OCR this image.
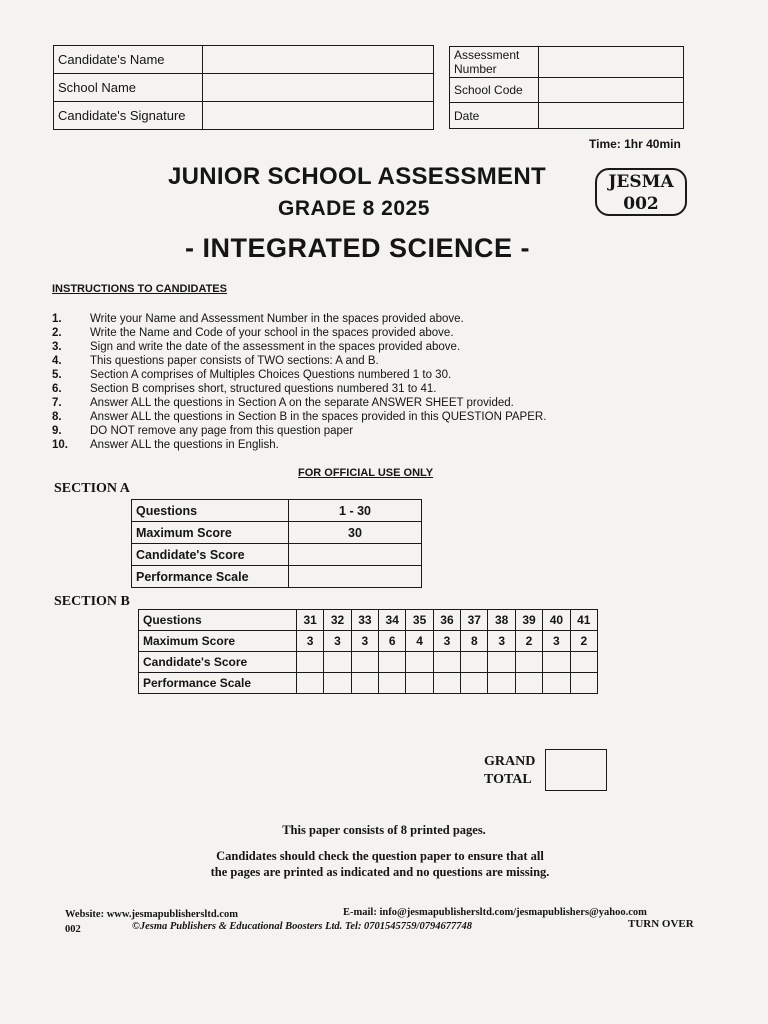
Candidate's Name	
School Name	
Candidate's Signature	
Assessment Number	
School Code	
Date	
Time: 1hr 40min
JUNIOR SCHOOL ASSESSMENT
GRADE 8 2025
JESMA
002
- INTEGRATED SCIENCE -
INSTRUCTIONS TO CANDIDATES
1.	Write your Name and Assessment Number in the spaces provided above.
2.	Write the Name and Code of your school in the spaces provided above.
3.	Sign and write the date of the assessment in the spaces provided above.
4.	This questions paper consists of TWO sections: A and B.
5.	Section A comprises of Multiples Choices Questions numbered 1 to 30.
6.	Section B comprises short, structured questions numbered 31 to 41.
7.	Answer ALL the questions in Section A on the separate ANSWER SHEET provided.
8.	Answer ALL the questions in Section B in the spaces provided in this QUESTION PAPER.
9.	DO NOT remove any page from this question paper
10.	Answer ALL the questions in English.
FOR OFFICIAL USE ONLY
SECTION A
Questions	1 - 30
Maximum Score	30
Candidate's Score	
Performance Scale	
SECTION B
Questions	31	32	33	34	35	36	37	38	39	40	41
Maximum Score	3	3	3	6	4	3	8	3	2	3	2
Candidate's Score											
Performance Scale											
GRAND
TOTAL
This paper consists of 8 printed pages.
Candidates should check the question paper to ensure that all
the pages are printed as indicated and no questions are missing.
Website: www.jesmapublishersltd.com	E-mail: info@jesmapublishersltd.com/jesmapublishers@yahoo.com
002	©Jesma Publishers & Educational Boosters Ltd. Tel: 0701545759/0794677748	TURN OVER
